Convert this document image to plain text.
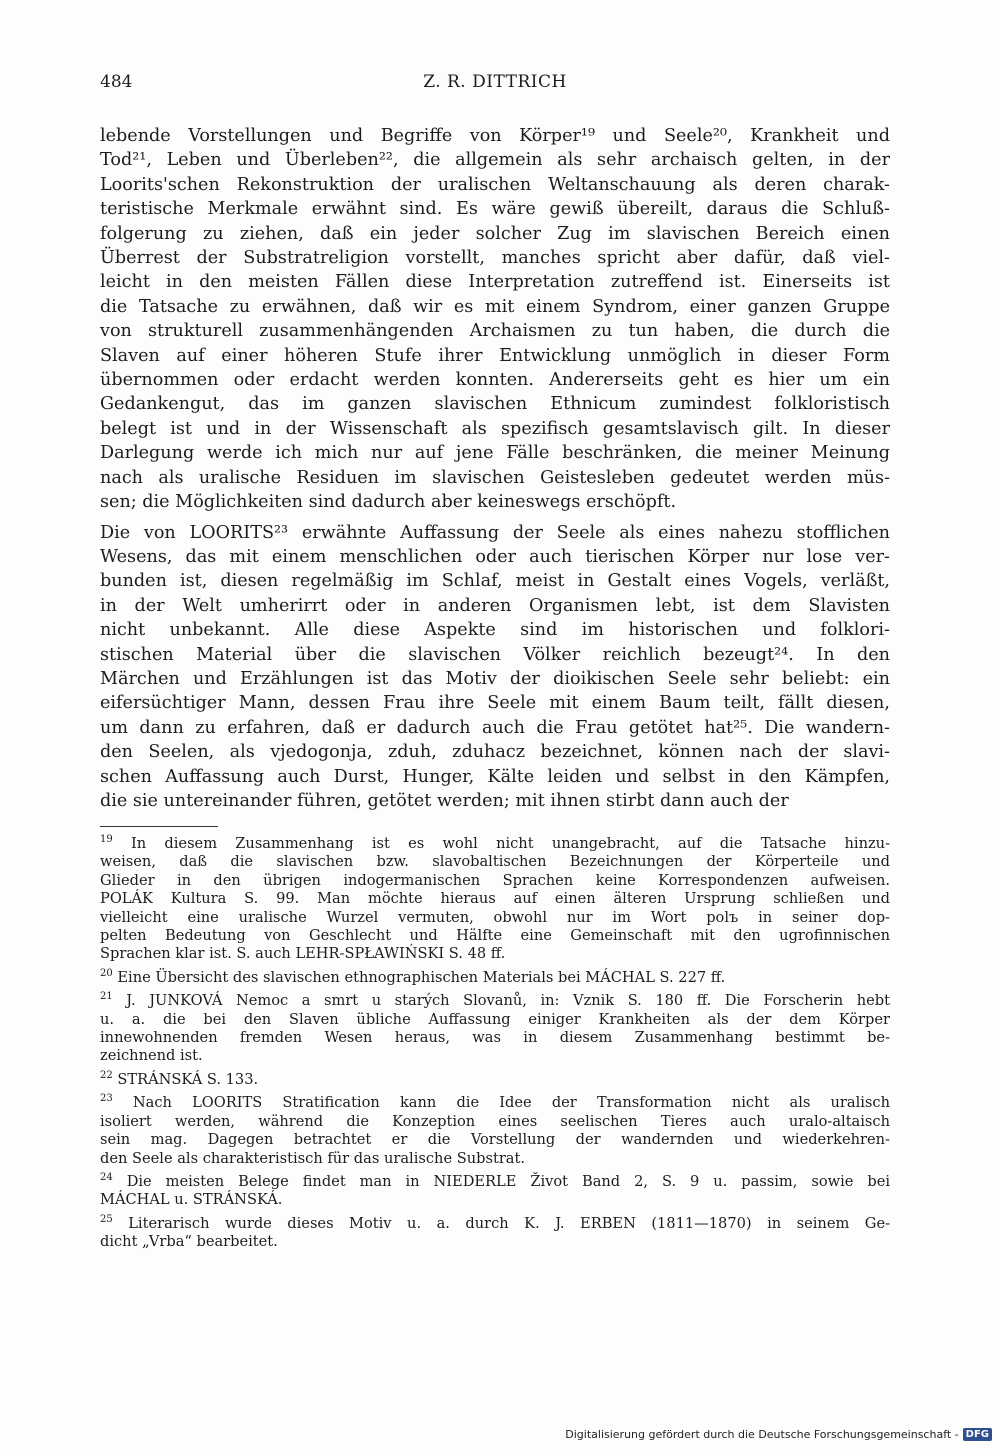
484	Z. R. DITTRICH
lebende Vorstellungen und Begriffe von Körper¹⁹ und Seele²⁰, Krankheit und
Tod²¹, Leben und Überleben²², die allgemein als sehr archaisch gelten, in der
Loorits'schen Rekonstruktion der uralischen Weltanschauung als deren charak-
teristische Merkmale erwähnt sind. Es wäre gewiß übereilt, daraus die Schluß-
folgerung zu ziehen, daß ein jeder solcher Zug im slavischen Bereich einen
Überrest der Substratreligion vorstellt, manches spricht aber dafür, daß viel-
leicht in den meisten Fällen diese Interpretation zutreffend ist. Einerseits ist
die Tatsache zu erwähnen, daß wir es mit einem Syndrom, einer ganzen Gruppe
von strukturell zusammenhängenden Archaismen zu tun haben, die durch die
Slaven auf einer höheren Stufe ihrer Entwicklung unmöglich in dieser Form
übernommen oder erdacht werden konnten. Andererseits geht es hier um ein
Gedankengut, das im ganzen slavischen Ethnicum zumindest folkloristisch
belegt ist und in der Wissenschaft als spezifisch gesamtslavisch gilt. In dieser
Darlegung werde ich mich nur auf jene Fälle beschränken, die meiner Meinung
nach als uralische Residuen im slavischen Geistesleben gedeutet werden müs-
sen; die Möglichkeiten sind dadurch aber keineswegs erschöpft.
Die von LOORITS²³ erwähnte Auffassung der Seele als eines nahezu stofflichen
Wesens, das mit einem menschlichen oder auch tierischen Körper nur lose ver-
bunden ist, diesen regelmäßig im Schlaf, meist in Gestalt eines Vogels, verläßt,
in der Welt umherirrt oder in anderen Organismen lebt, ist dem Slavisten
nicht unbekannt. Alle diese Aspekte sind im historischen und folklori-
stischen Material über die slavischen Völker reichlich bezeugt²⁴. In den
Märchen und Erzählungen ist das Motiv der dioikischen Seele sehr beliebt: ein
eifersüchtiger Mann, dessen Frau ihre Seele mit einem Baum teilt, fällt diesen,
um dann zu erfahren, daß er dadurch auch die Frau getötet hat²⁵. Die wandern-
den Seelen, als vjedogonja, zduh, zduhacz bezeichnet, können nach der slavi-
schen Auffassung auch Durst, Hunger, Kälte leiden und selbst in den Kämpfen,
die sie untereinander führen, getötet werden; mit ihnen stirbt dann auch der
$^{19}$ In diesem Zusammenhang ist es wohl nicht unangebracht, auf die Tatsache hinzu-
weisen, daß die slavischen bzw. slavobaltischen Bezeichnungen der Körperteile und
Glieder in den übrigen indogermanischen Sprachen keine Korrespondenzen aufweisen.
POLÁK Kultura S. 99. Man möchte hieraus auf einen älteren Ursprung schließen und
vielleicht eine uralische Wurzel vermuten, obwohl nur im Wort polъ in seiner dop-
pelten Bedeutung von Geschlecht und Hälfte eine Gemeinschaft mit den ugrofinnischen
Sprachen klar ist. S. auch LEHR-SPŁAWIŃSKI S. 48 ff.
$^{20}$ Eine Übersicht des slavischen ethnographischen Materials bei MÁCHAL S. 227 ff.
$^{21}$ J. JUNKOVÁ Nemoc a smrt u starých Slovanů, in: Vznik S. 180 ff. Die Forscherin hebt
u. a. die bei den Slaven übliche Auffassung einiger Krankheiten als der dem Körper
innewohnenden fremden Wesen heraus, was in diesem Zusammenhang bestimmt be-
zeichnend ist.
$^{22}$ STRÁNSKÁ S. 133.
$^{23}$ Nach LOORITS Stratification kann die Idee der Transformation nicht als uralisch
isoliert werden, während die Konzeption eines seelischen Tieres auch uralo-altaisch
sein mag. Dagegen betrachtet er die Vorstellung der wandernden und wiederkehren-
den Seele als charakteristisch für das uralische Substrat.
$^{24}$ Die meisten Belege findet man in NIEDERLE Život Band 2, S. 9 u. passim, sowie bei
MÁCHAL u. STRÁNSKÁ.
$^{25}$ Literarisch wurde dieses Motiv u. a. durch K. J. ERBEN (1811—1870) in seinem Ge-
dicht „Vrba“ bearbeitet.
Digitalisierung gefördert durch die Deutsche Forschungsgemeinschaft - DFG
